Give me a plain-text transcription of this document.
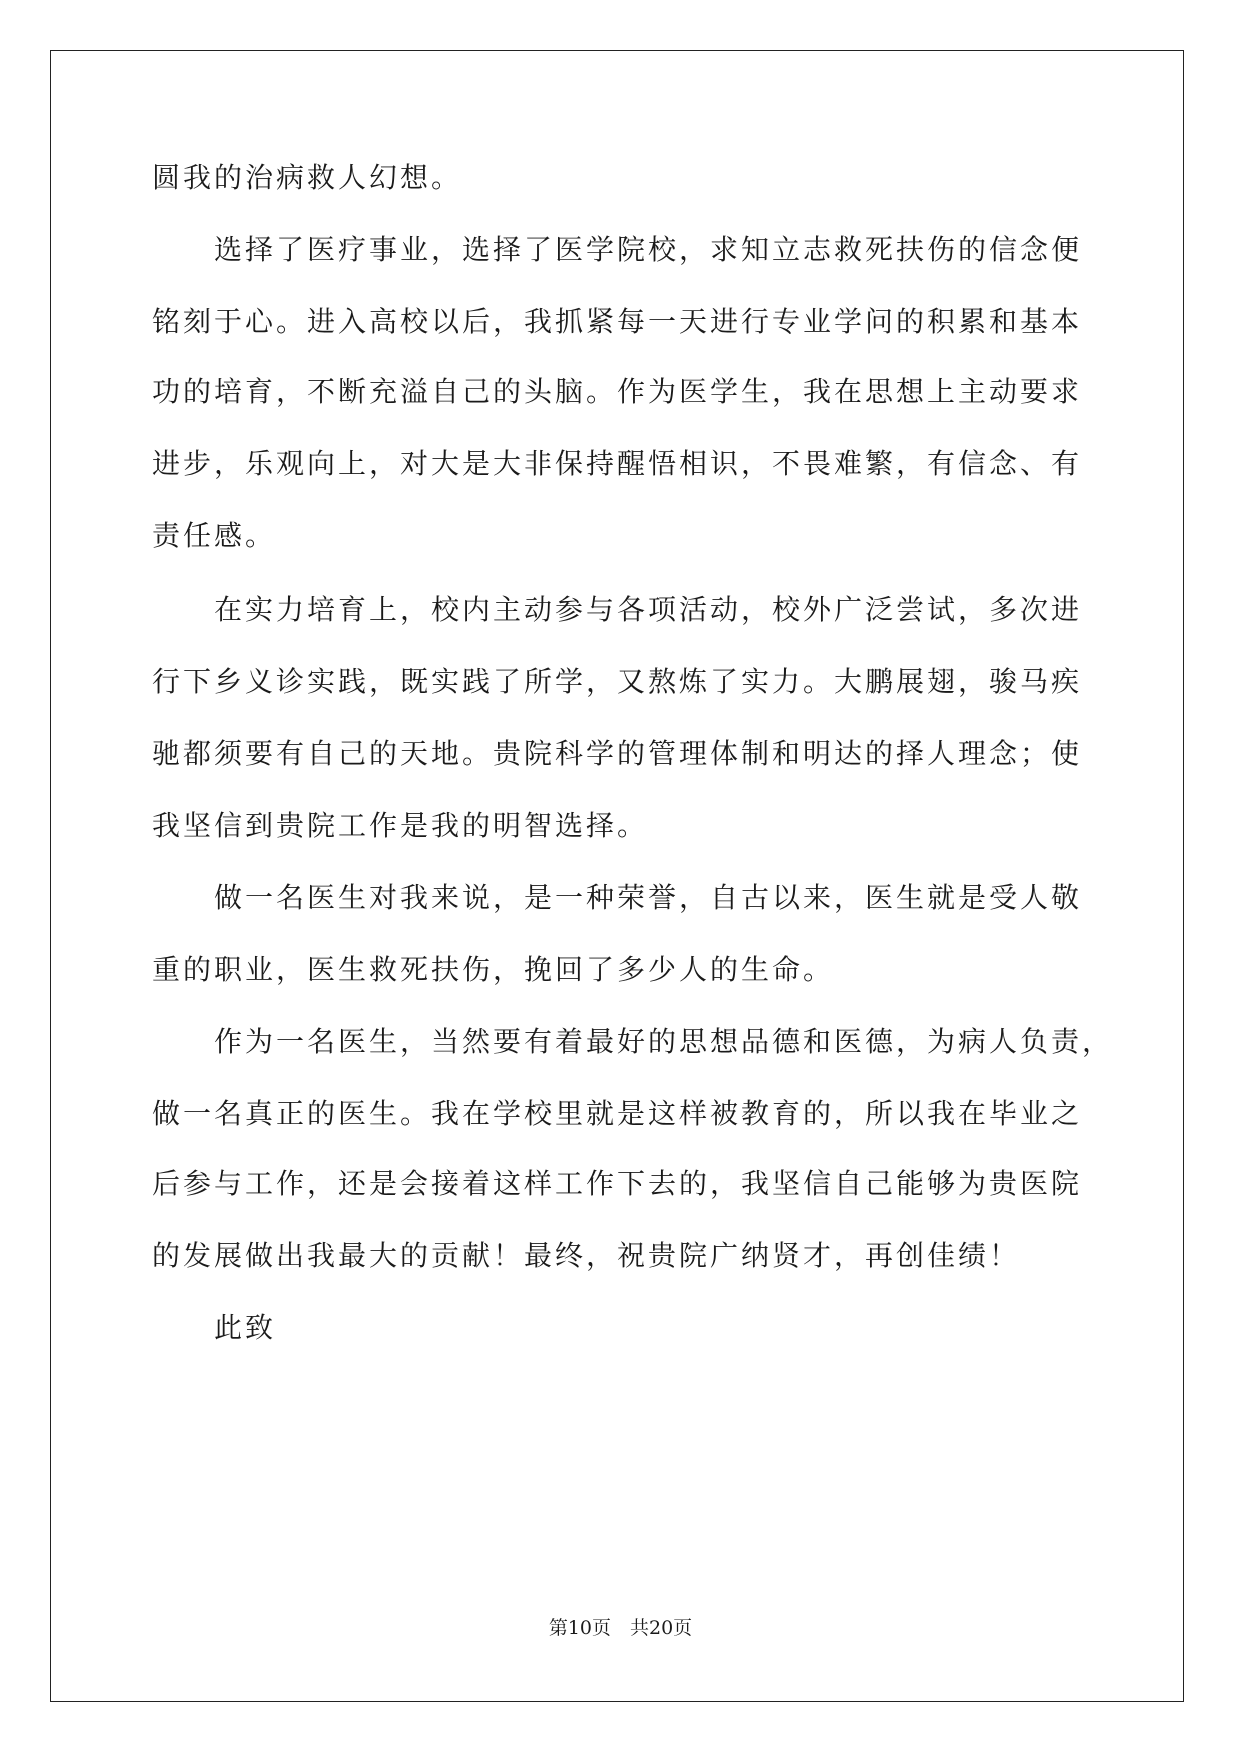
圆我的治病救人幻想。
选择了医疗事业，选择了医学院校，求知立志救死扶伤的信念便
铭刻于心。进入高校以后，我抓紧每一天进行专业学问的积累和基本
功的培育，不断充溢自己的头脑。作为医学生，我在思想上主动要求
进步，乐观向上，对大是大非保持醒悟相识，不畏难繁，有信念、有
责任感。
在实力培育上，校内主动参与各项活动，校外广泛尝试，多次进
行下乡义诊实践，既实践了所学，又熬炼了实力。大鹏展翅，骏马疾
驰都须要有自己的天地。贵院科学的管理体制和明达的择人理念；使
我坚信到贵院工作是我的明智选择。
做一名医生对我来说，是一种荣誉，自古以来，医生就是受人敬
重的职业，医生救死扶伤，挽回了多少人的生命。
作为一名医生，当然要有着最好的思想品德和医德，为病人负责，
做一名真正的医生。我在学校里就是这样被教育的，所以我在毕业之
后参与工作，还是会接着这样工作下去的，我坚信自己能够为贵医院
的发展做出我最大的贡献！最终，祝贵院广纳贤才，再创佳绩！
此致
第10页　共20页
